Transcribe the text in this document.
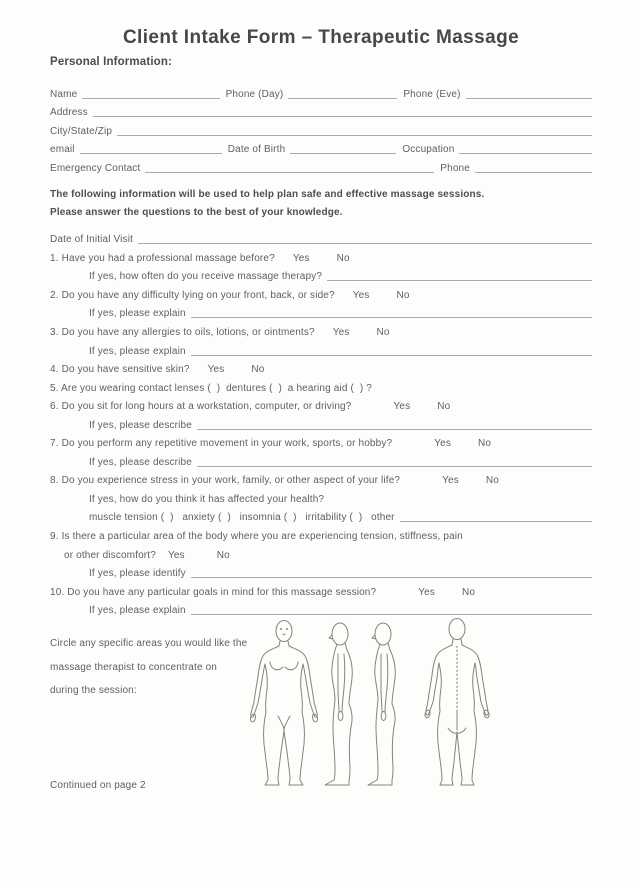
Client Intake Form – Therapeutic Massage
Personal Information:
Name	Phone (Day)	Phone (Eve)
Address
City/State/Zip
email	Date of Birth	Occupation
Emergency Contact	Phone
The following information will be used to help plan safe and effective massage sessions.
Please answer the questions to the best of your knowledge.
Date of Initial Visit
1. Have you had a professional massage before? Yes	No
If yes, how often do you receive massage therapy?
2. Do you have any difficulty lying on your front, back, or side? Yes	No
If yes, please explain
3. Do you have any allergies to oils, lotions, or ointments? Yes	No
If yes, please explain
4. Do you have sensitive skin? Yes	No
5. Are you wearing contact lenses (  )  dentures (  )  a hearing aid (  ) ?
6. Do you sit for long hours at a workstation, computer, or driving?	Yes	No
If yes, please describe
7. Do you perform any repetitive movement in your work, sports, or hobby?	Yes	No
If yes, please describe
8. Do you experience stress in your work, family, or other aspect of your life?	Yes	No
If yes, how do you think it has affected your health?
muscle tension (  )   anxiety (  )   insomnia (  )   irritability (  )   other
9. Is there a particular area of the body where you are experiencing tension, stiffness, pain
or other discomfort? Yes	No
If yes, please identify
10. Do you have any particular goals in mind for this massage session?	Yes	No
If yes, please explain
Circle any specific areas you would like the
massage therapist to concentrate on
during the session:
Continued on page 2
